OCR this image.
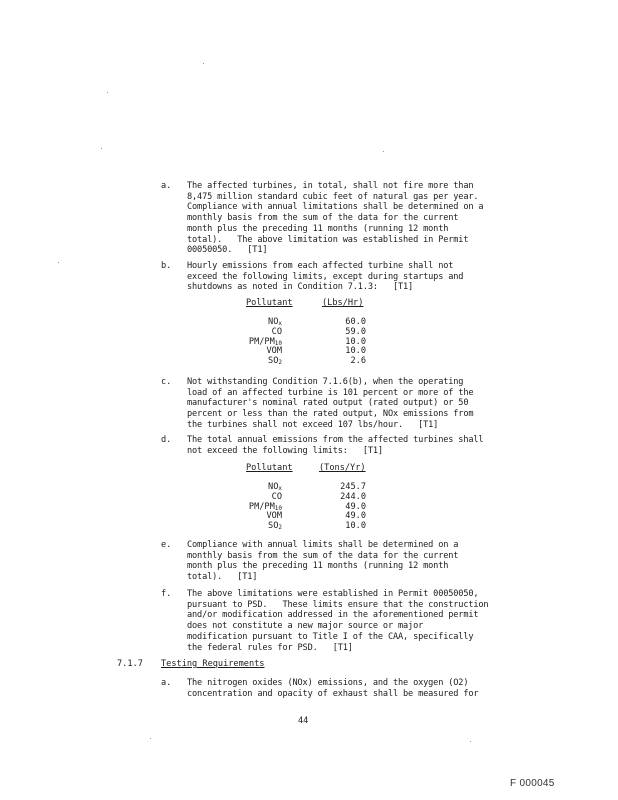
a. The affected turbines, in total, shall not fire more than
8,475 million standard cubic feet of natural gas per year.
Compliance with annual limitations shall be determined on a
monthly basis from the sum of the data for the current
month plus the preceding 11 months (running 12 month
total).   The above limitation was established in Permit
00050050.   [T1]
b. Hourly emissions from each affected turbine shall not
exceed the following limits, except during startups and
shutdowns as noted in Condition 7.1.3:   [T1]
Pollutant	(Lbs/Hr)
NOx	60.0
CO	59.0
PM/PM10	10.0
VOM	10.0
SO2	2.6
c. Not withstanding Condition 7.1.6(b), when the operating
load of an affected turbine is 101 percent or more of the
manufacturer's nominal rated output (rated output) or 50
percent or less than the rated output, NOx emissions from
the turbines shall not exceed 107 lbs/hour.   [T1]
d. The total annual emissions from the affected turbines shall
not exceed the following limits:   [T1]
Pollutant	(Tons/Yr)
NOx	245.7
CO	244.0
PM/PM10	49.0
VOM	49.0
SO2	10.0
e. Compliance with annual limits shall be determined on a
monthly basis from the sum of the data for the current
month plus the preceding 11 months (running 12 month
total).   [T1]
f. The above limitations were established in Permit 00050050,
pursuant to PSD.   These limits ensure that the construction
and/or modification addressed in the aforementioned permit
does not constitute a new major source or major
modification pursuant to Title I of the CAA, specifically
the federal rules for PSD.   [T1]
7.1.7 Testing Requirements
a. The nitrogen oxides (NOx) emissions, and the oxygen (O2)
concentration and opacity of exhaust shall be measured for
44
F 000045
